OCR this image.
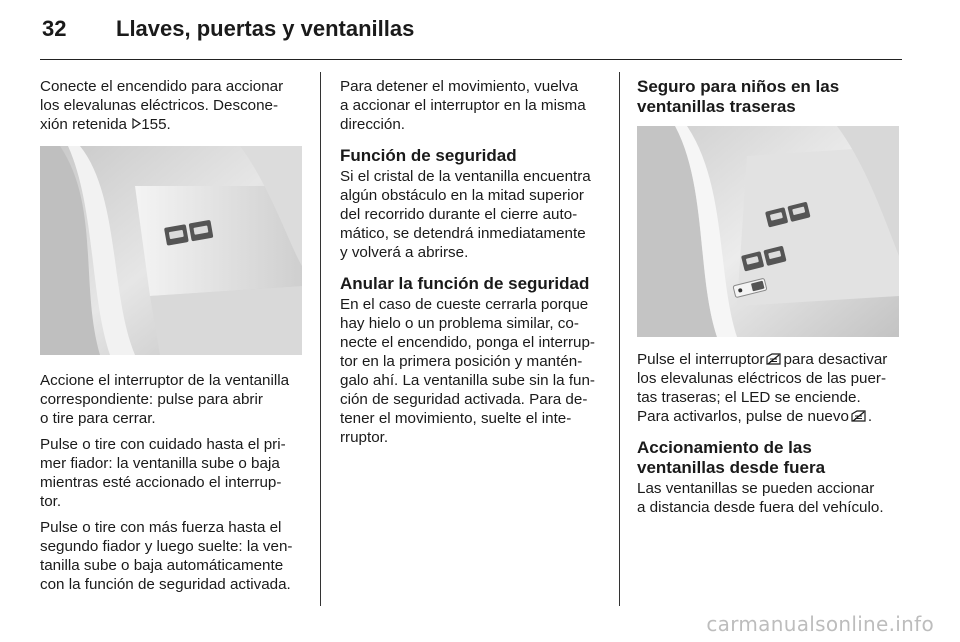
32 Llaves, puertas y ventanillas

Conecte el encendido para accionar
los elevalunas eléctricos. Descone-
xión retenida 155.

Accione el interruptor de la ventanilla
correspondiente: pulse para abrir
o tire para cerrar.

Pulse o tire con cuidado hasta el pri-
mer fiador: la ventanilla sube o baja
mientras esté accionado el interrup-
tor.

Pulse o tire con más fuerza hasta el
segundo fiador y luego suelte: la ven-
tanilla sube o baja automáticamente
con la función de seguridad activada.

Para detener el movimiento, vuelva
a accionar el interruptor en la misma
dirección.

Función de seguridad

Si el cristal de la ventanilla encuentra
algún obstáculo en la mitad superior
del recorrido durante el cierre auto-
mático, se detendrá inmediatamente
y volverá a abrirse.

Anular la función de seguridad

En el caso de cueste cerrarla porque
hay hielo o un problema similar, co-
necte el encendido, ponga el interrup-
tor en la primera posición y mantén-
galo ahí. La ventanilla sube sin la fun-
ción de seguridad activada. Para de-
tener el movimiento, suelte el inte-
rruptor.

Seguro para niños en las
ventanillas traseras

Pulse el interruptor para desactivar
los elevalunas eléctricos de las puer-
tas traseras; el LED se enciende.
Para activarlos, pulse de nuevo .

Accionamiento de las
ventanillas desde fuera

Las ventanillas se pueden accionar
a distancia desde fuera del vehículo.

carmanualsonline.info
